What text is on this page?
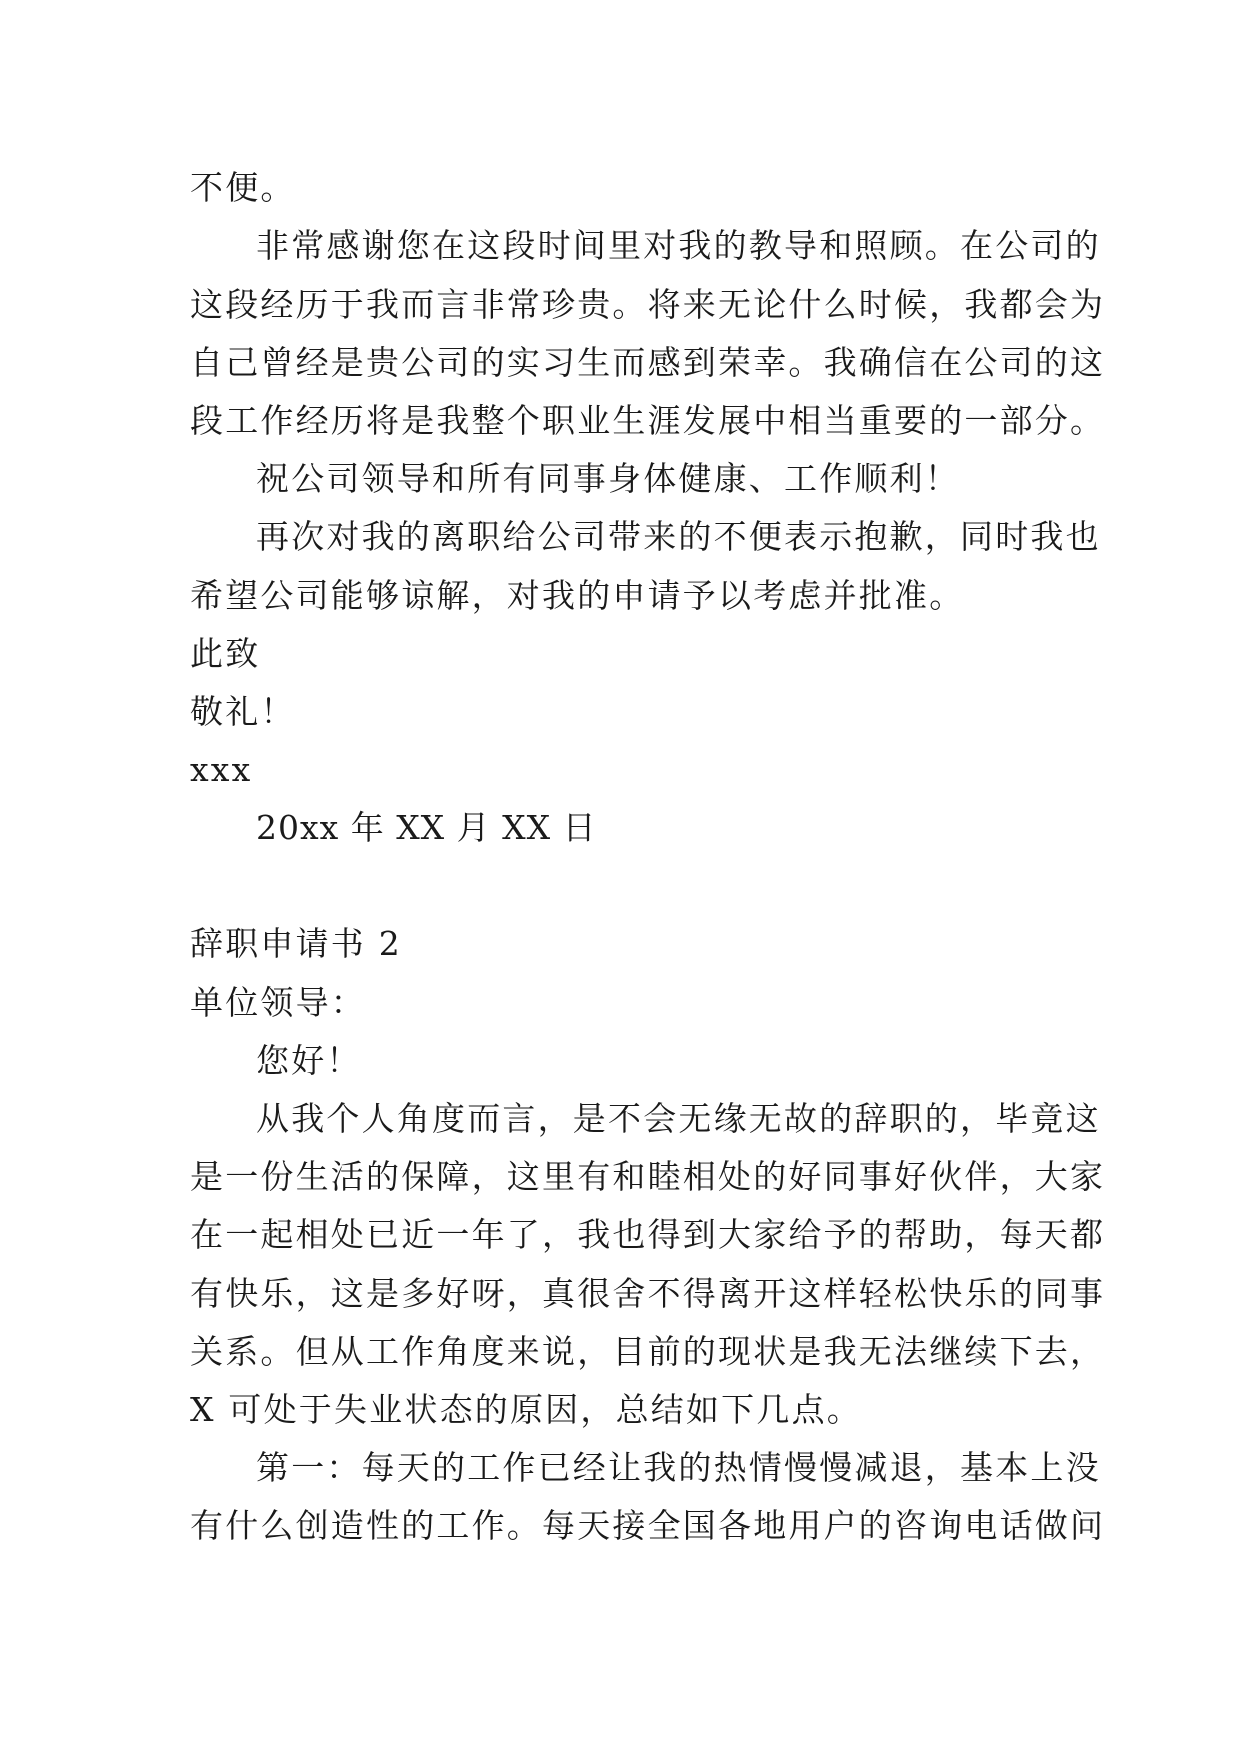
不便。
非常感谢您在这段时间里对我的教导和照顾。在公司的
这段经历于我而言非常珍贵。将来无论什么时候，我都会为
自己曾经是贵公司的实习生而感到荣幸。我确信在公司的这
段工作经历将是我整个职业生涯发展中相当重要的一部分。
祝公司领导和所有同事身体健康、工作顺利！
再次对我的离职给公司带来的不便表示抱歉，同时我也
希望公司能够谅解，对我的申请予以考虑并批准。
此致
敬礼！
xxx
20xx 年 XX 月 XX 日
辞职申请书 2
单位领导：
您好！
从我个人角度而言，是不会无缘无故的辞职的，毕竟这
是一份生活的保障，这里有和睦相处的好同事好伙伴，大家
在一起相处已近一年了，我也得到大家给予的帮助，每天都
有快乐，这是多好呀，真很舍不得离开这样轻松快乐的同事
关系。但从工作角度来说，目前的现状是我无法继续下去，
X 可处于失业状态的原因，总结如下几点。
第一：每天的工作已经让我的热情慢慢减退，基本上没
有什么创造性的工作。每天接全国各地用户的咨询电话做问
